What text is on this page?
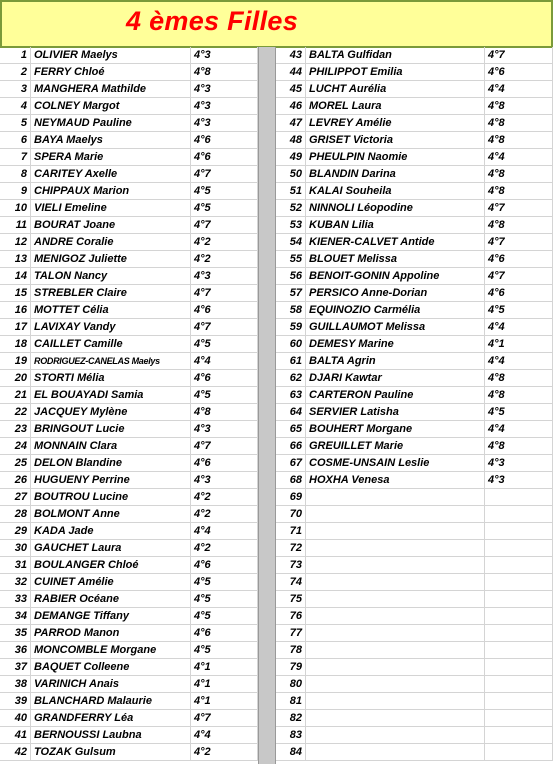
4 èmes Filles
1 OLIVIER Maelys	4°3
2 FERRY Chloé	4°8
3 MANGHERA Mathilde	4°3
4 COLNEY Margot	4°3
5 NEYMAUD Pauline	4°3
6 BAYA Maelys	4°6
7 SPERA Marie	4°6
8 CARITEY Axelle	4°7
9 CHIPPAUX Marion	4°5
10 VIELI Emeline	4°5
11 BOURAT Joane	4°7
12 ANDRE Coralie	4°2
13 MENIGOZ Juliette	4°2
14 TALON Nancy	4°3
15 STREBLER Claire	4°7
16 MOTTET Célia	4°6
17 LAVIXAY Vandy	4°7
18 CAILLET Camille	4°5
19 RODRIGUEZ-CANELAS Maelys	4°4
20 STORTI Mélia	4°6
21 EL BOUAYADI Samia	4°5
22 JACQUEY Mylène	4°8
23 BRINGOUT Lucie	4°3
24 MONNAIN Clara	4°7
25 DELON Blandine	4°6
26 HUGUENY Perrine	4°3
27 BOUTROU Lucine	4°2
28 BOLMONT Anne	4°2
29 KADA Jade	4°4
30 GAUCHET Laura	4°2
31 BOULANGER Chloé	4°6
32 CUINET Amélie	4°5
33 RABIER Océane	4°5
34 DEMANGE Tiffany	4°5
35 PARROD Manon	4°6
36 MONCOMBLE Morgane	4°5
37 BAQUET Colleene	4°1
38 VARINICH Anais	4°1
39 BLANCHARD Malaurie	4°1
40 GRANDFERRY Léa	4°7
41 BERNOUSSI Laubna	4°4
42 TOZAK Gulsum	4°2
43 BALTA Gulfidan	4°7
44 PHILIPPOT Emilia	4°6
45 LUCHT Aurélia	4°4
46 MOREL Laura	4°8
47 LEVREY Amélie	4°8
48 GRISET Victoria	4°8
49 PHEULPIN Naomie	4°4
50 BLANDIN Darina	4°8
51 KALAI Souheila	4°8
52 NINNOLI Léopodine	4°7
53 KUBAN Lilia	4°8
54 KIENER-CALVET Antide	4°7
55 BLOUET Melissa	4°6
56 BENOIT-GONIN Appoline	4°7
57 PERSICO Anne-Dorian	4°6
58 EQUINOZIO Carmélia	4°5
59 GUILLAUMOT Melissa	4°4
60 DEMESY Marine	4°1
61 BALTA Agrin	4°4
62 DJARI Kawtar	4°8
63 CARTERON Pauline	4°8
64 SERVIER Latisha	4°5
65 BOUHERT Morgane	4°4
66 GREUILLET Marie	4°8
67 COSME-UNSAIN Leslie	4°3
68 HOXHA Venesa	4°3
69
70
71
72
73
74
75
76
77
78
79
80
81
82
83
84
